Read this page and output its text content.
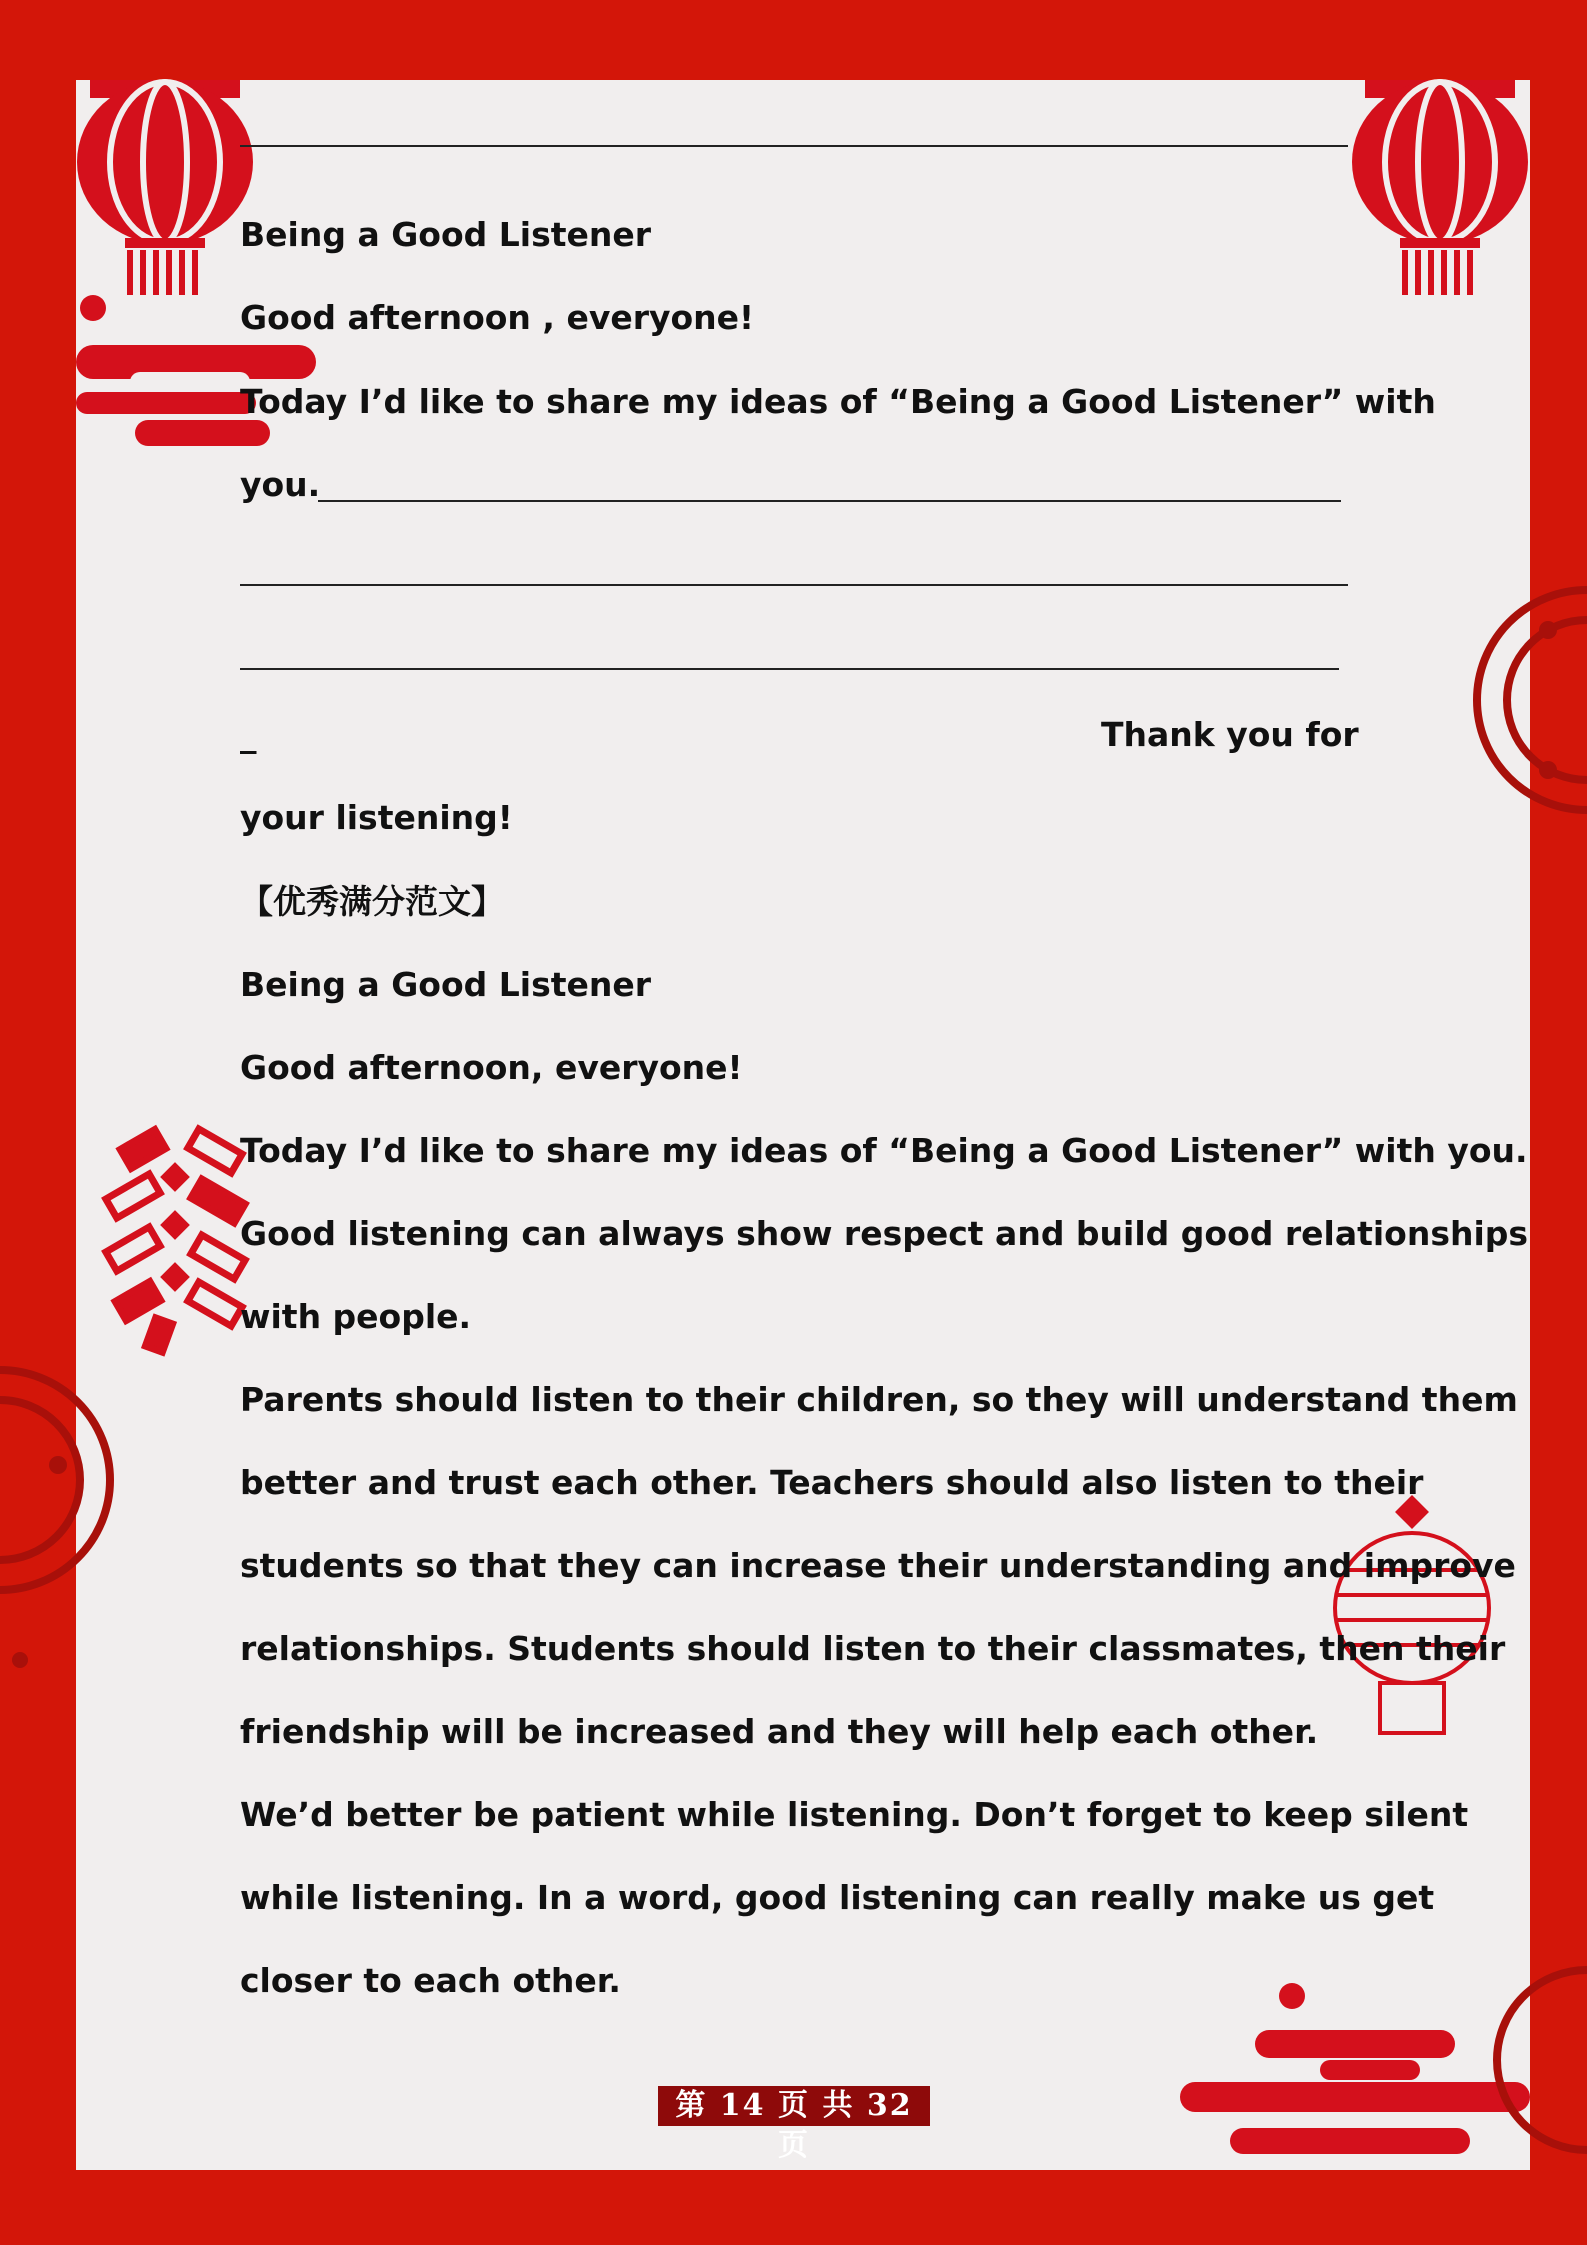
Being a Good Listener
Good afternoon , everyone!
Today I’d like to share my ideas of “Being a Good Listener” with
you.
_	Thank you for
your listening!
【优秀满分范文】
Being a Good Listener
Good afternoon, everyone!
Today I’d like to share my ideas of “Being a Good Listener” with you.
Good listening can always show respect and build good relationships
with people.
Parents should listen to their children, so they will understand them
better and trust each other. Teachers should also listen to their
students so that they can increase their understanding and improve
relationships. Students should listen to their classmates, then their
friendship will be increased and they will help each other.
We’d better be patient while listening. Don’t forget to keep silent
while listening. In a word, good listening can really make us get
closer to each other.
第 14 页 共 32 页
